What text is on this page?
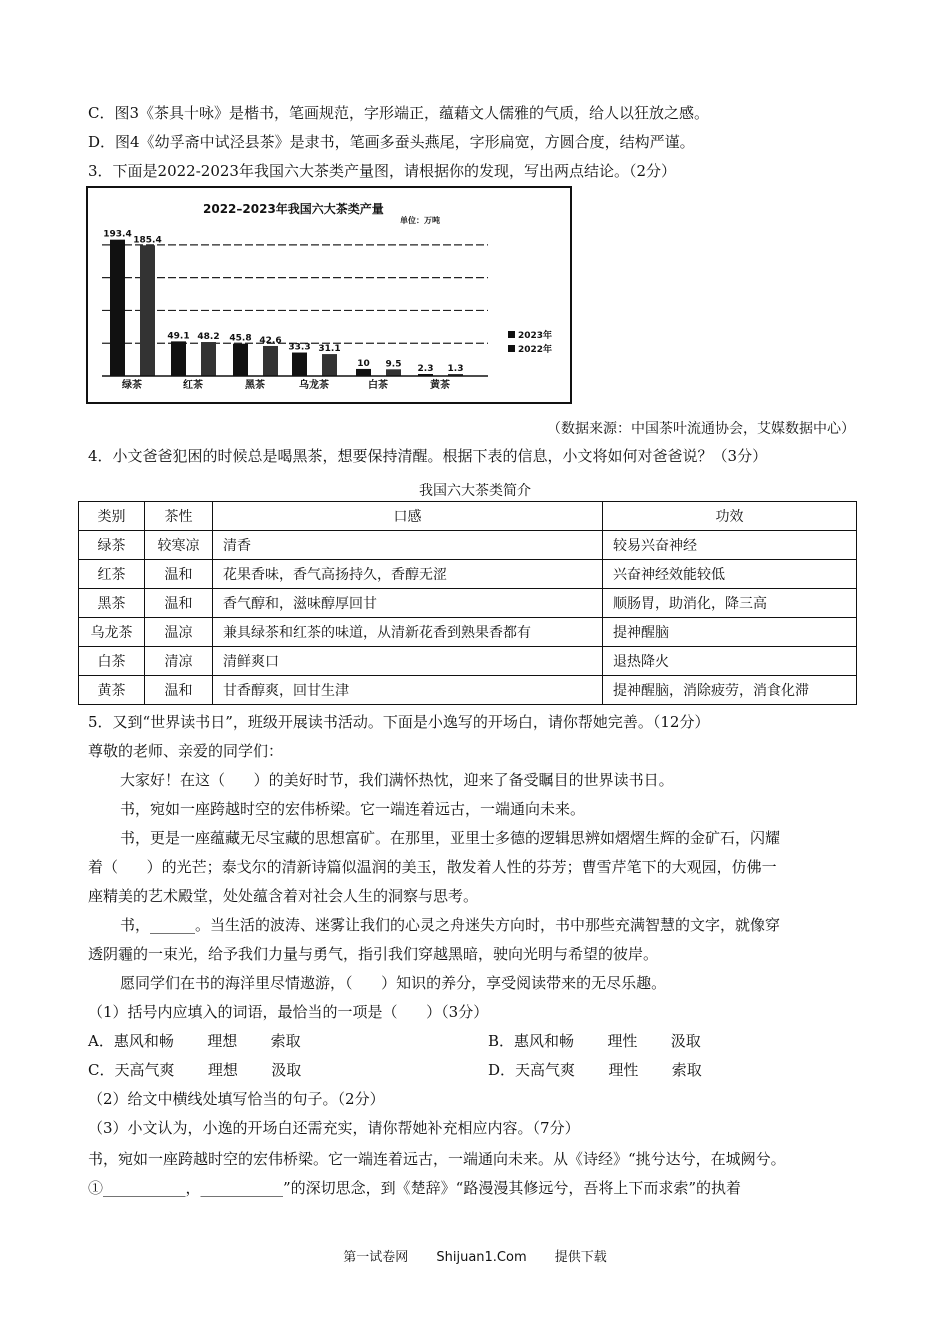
C．图3《茶具十咏》是楷书，笔画规范，字形端正，蕴藉文人儒雅的气质，给人以狂放之感。
D．图4《幼孚斋中试泾县茶》是隶书，笔画多蚕头燕尾，字形扁宽，方圆合度，结构严谨。
3．下面是2022-2023年我国六大茶类产量图，请根据你的发现，写出两点结论。（2分）
2022–2023年我国六大茶类产量
单位：万吨
193.4
185.4
绿茶
49.1 48.2
红茶
45.8 42.6
黑茶
33.3 31.1
乌龙茶
10 9.5
白茶
2.3 1.3
黄茶
2023年
2022年
（数据来源：中国茶叶流通协会，艾媒数据中心）
4．小文爸爸犯困的时候总是喝黑茶，想要保持清醒。根据下表的信息，小文将如何对爸爸说？（3分）
我国六大茶类简介
类别	茶性	口感	功效
绿茶	较寒凉	清香	较易兴奋神经
红茶	温和	花果香味，香气高扬持久，香醇无涩	兴奋神经效能较低
黑茶	温和	香气醇和，滋味醇厚回甘	顺肠胃，助消化，降三高
乌龙茶	温凉	兼具绿茶和红茶的味道，从清新花香到熟果香都有	提神醒脑
白茶	清凉	清鲜爽口	退热降火
黄茶	温和	甘香醇爽，回甘生津	提神醒脑，消除疲劳，消食化滞
5．又到“世界读书日”，班级开展读书活动。下面是小逸写的开场白，请你帮她完善。（12分）
尊敬的老师、亲爱的同学们：
大家好！在这（      ）的美好时节，我们满怀热忱，迎来了备受瞩目的世界读书日。
书，宛如一座跨越时空的宏伟桥梁。它一端连着远古，一端通向未来。
书，更是一座蕴藏无尽宝藏的思想富矿。在那里，亚里士多德的逻辑思辨如熠熠生辉的金矿石，闪耀
着（      ）的光芒；泰戈尔的清新诗篇似温润的美玉，散发着人性的芬芳；曹雪芹笔下的大观园，仿佛一
座精美的艺术殿堂，处处蕴含着对社会人生的洞察与思考。
书，______。当生活的波涛、迷雾让我们的心灵之舟迷失方向时，书中那些充满智慧的文字，就像穿
透阴霾的一束光，给予我们力量与勇气，指引我们穿越黑暗，驶向光明与希望的彼岸。
愿同学们在书的海洋里尽情遨游，（      ）知识的养分，享受阅读带来的无尽乐趣。
（1）括号内应填入的词语，最恰当的一项是（      ）（3分）
A．惠风和畅       理想       索取	B．惠风和畅       理性       汲取
C．天高气爽       理想       汲取	D．天高气爽       理性       索取
（2）给文中横线处填写恰当的句子。（2分）
（3）小文认为，小逸的开场白还需充实，请你帮她补充相应内容。（7分）
书，宛如一座跨越时空的宏伟桥梁。它一端连着远古，一端通向未来。从《诗经》“挑兮达兮，在城阙兮。
①___________，___________”的深切思念，到《楚辞》“路漫漫其修远兮，吾将上下而求索”的执着
第一试卷网 Shijuan1.Com 提供下载
